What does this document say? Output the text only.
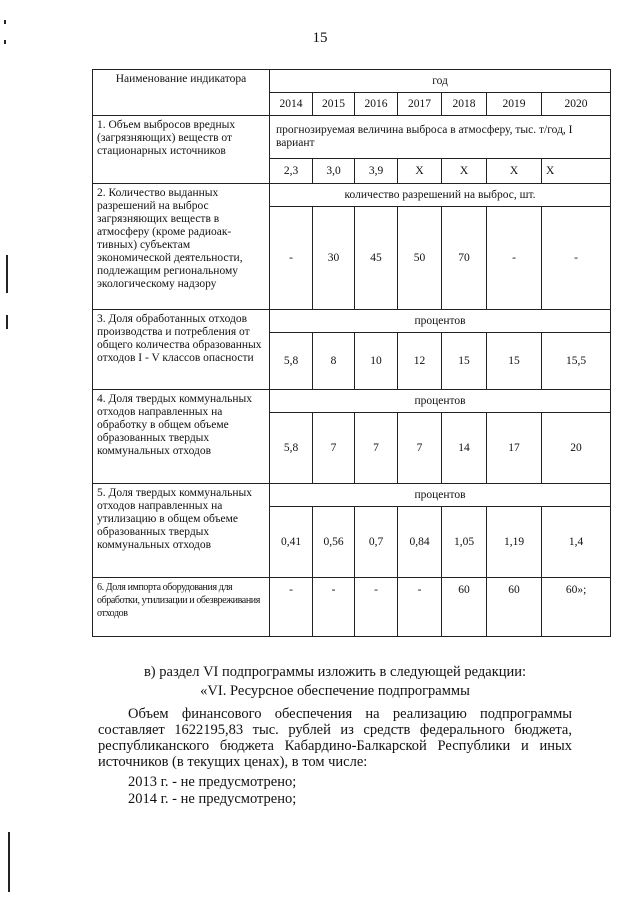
15
Наименование индикатора	год						
	2014	2015	2016	2017	2018	2019	2020
1. Объем выбросов вредных (загрязняющих) веществ от стационарных источников	прогнозируемая величина выброса в атмосферу, тыс. т/год, I вариант						
	2,3	3,0	3,9	X	X	X	X
2. Количество выданных разрешений на выброс загрязняющих веществ в атмосферу (кроме радиоак-тивных) субъектам экономической деятельности, подлежащим региональному экологическому надзору	количество разрешений на выброс, шт.						
	-	30	45	50	70	-	-
3. Доля обработанных отходов производства и потребления от общего количества образованных отходов I - V классов опасности	процентов						
	5,8	8	10	12	15	15	15,5
4. Доля твердых коммунальных отходов направленных на обработку в общем объеме образованных твердых коммунальных отходов	процентов						
	5,8	7	7	7	14	17	20
5. Доля твердых коммунальных отходов направленных на утилизацию в общем объеме образованных твердых коммунальных отходов	процентов						
	0,41	0,56	0,7	0,84	1,05	1,19	1,4
6. Доля импорта оборудования для обработки, утилизации и обезвреживания отходов	-	-	-	-	60	60	60»;
в) раздел VI подпрограммы изложить в следующей редакции:
«VI. Ресурсное обеспечение подпрограммы
Объем финансового обеспечения на реализацию подпрограммы составляет 1622195,83 тыс. рублей из средств федерального бюджета, республиканского бюджета Кабардино-Балкарской Республики и иных источников (в текущих ценах), в том числе:
2013 г. - не предусмотрено;
2014 г. - не предусмотрено;
